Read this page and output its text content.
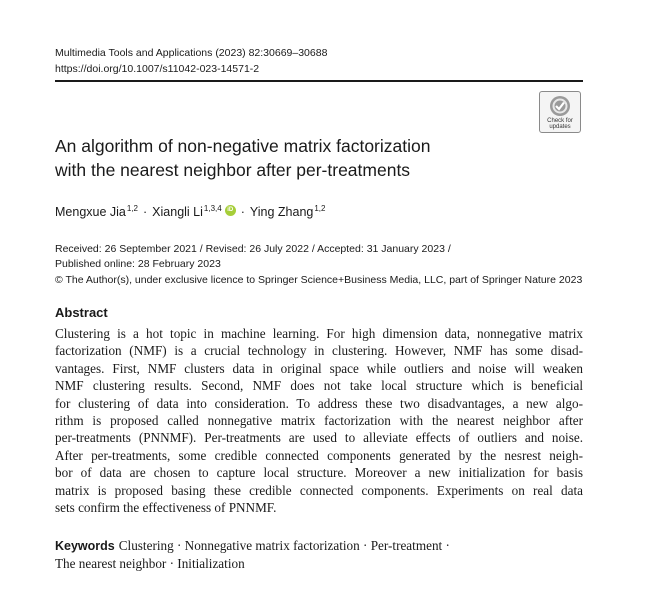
Multimedia Tools and Applications (2023) 82:30669–30688
https://doi.org/10.1007/s11042-023-14571-2
Check for
updates
An algorithm of non-negative matrix factorization
with the nearest neighbor after per-treatments
Mengxue Jia$^{1,2}$ · Xiangli Li$^{1,3,4}$ iD · Ying Zhang$^{1,2}$
Received: 26 September 2021 / Revised: 26 July 2022 / Accepted: 31 January 2023 /
Published online: 28 February 2023
© The Author(s), under exclusive licence to Springer Science+Business Media, LLC, part of Springer Nature 2023
Abstract
Clustering is a hot topic in machine learning. For high dimension data, nonnegative matrix
factorization (NMF) is a crucial technology in clustering. However, NMF has some disad-
vantages. First, NMF clusters data in original space while outliers and noise will weaken
NMF clustering results. Second, NMF does not take local structure which is beneficial
for clustering of data into consideration. To address these two disadvantages, a new algo-
rithm is proposed called nonnegative matrix factorization with the nearest neighbor after
per-treatments (PNNMF). Per-treatments are used to alleviate effects of outliers and noise.
After per-treatments, some credible connected components generated by the nesrest neigh-
bor of data are chosen to capture local structure. Moreover a new initialization for basis
matrix is proposed basing these credible connected components. Experiments on real data
sets confirm the effectiveness of PNNMF.
Keywords Clustering · Nonnegative matrix factorization · Per-treatment ·
The nearest neighbor · Initialization
